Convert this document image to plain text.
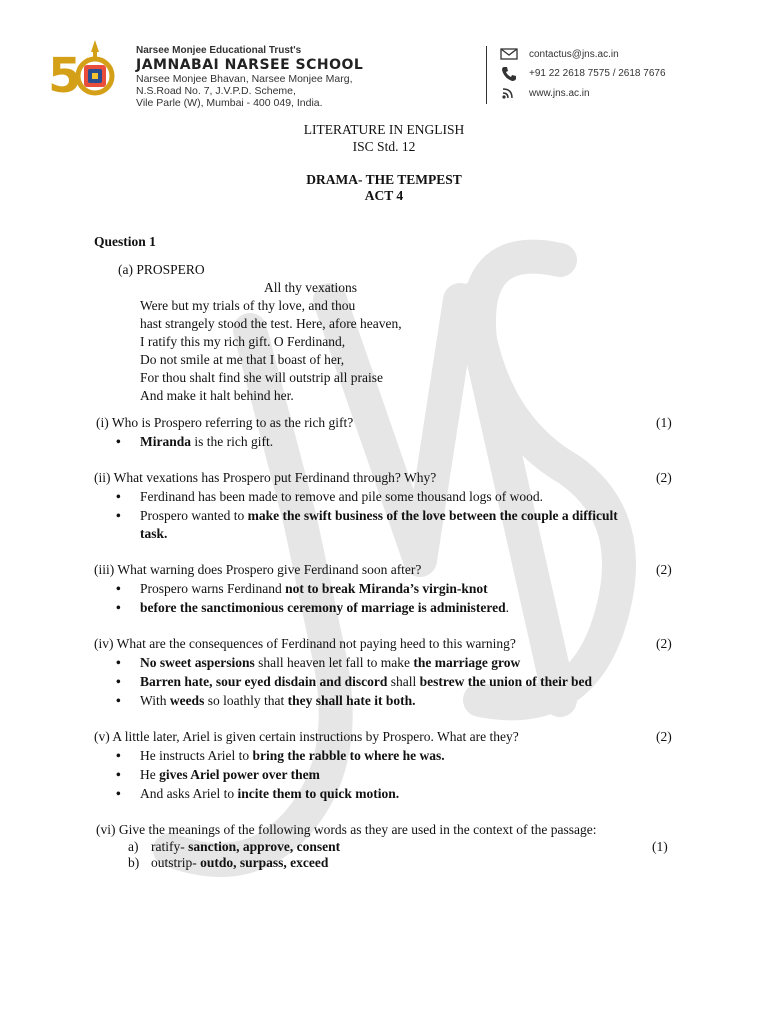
5	Narsee Monjee Educational Trust's
JAMNABAI NARSEE SCHOOL
Narsee Monjee Bhavan, Narsee Monjee Marg,
N.S.Road No. 7, J.V.P.D. Scheme,
Vile Parle (W), Mumbai - 400 049, India.
contactus@jns.ac.in
+91 22 2618 7575 / 2618 7676
www.jns.ac.in
LITERATURE IN ENGLISH
ISC Std. 12
DRAMA- THE TEMPEST
ACT 4
Question 1
(a) PROSPERO
All thy vexations
Were but my trials of thy love, and thou
hast strangely stood the test. Here, afore heaven,
I ratify this my rich gift. O Ferdinand,
Do not smile at me that I boast of her,
For thou shalt find she will outstrip all praise
And make it halt behind her.
(i) Who is Prospero referring to as the rich gift?	(1)
• Miranda is the rich gift.
(ii) What vexations has Prospero put Ferdinand through? Why?	(2)
• Ferdinand has been made to remove and pile some thousand logs of wood.
• Prospero wanted to make the swift business of the love between the couple a difficult
task.
(iii) What warning does Prospero give Ferdinand soon after?	(2)
• Prospero warns Ferdinand not to break Miranda’s virgin-knot
• before the sanctimonious ceremony of marriage is administered.
(iv) What are the consequences of Ferdinand not paying heed to this warning?	(2)
• No sweet aspersions shall heaven let fall to make the marriage grow
• Barren hate, sour eyed disdain and discord shall bestrew the union of their bed
• With weeds so loathly that they shall hate it both.
(v) A little later, Ariel is given certain instructions by Prospero. What are they?	(2)
• He instructs Ariel to bring the rabble to where he was.
• He gives Ariel power over them
• And asks Ariel to incite them to quick motion.
(vi) Give the meanings of the following words as they are used in the context of the passage:
a) ratify- sanction, approve, consent	(1)
b) outstrip- outdo, surpass, exceed
